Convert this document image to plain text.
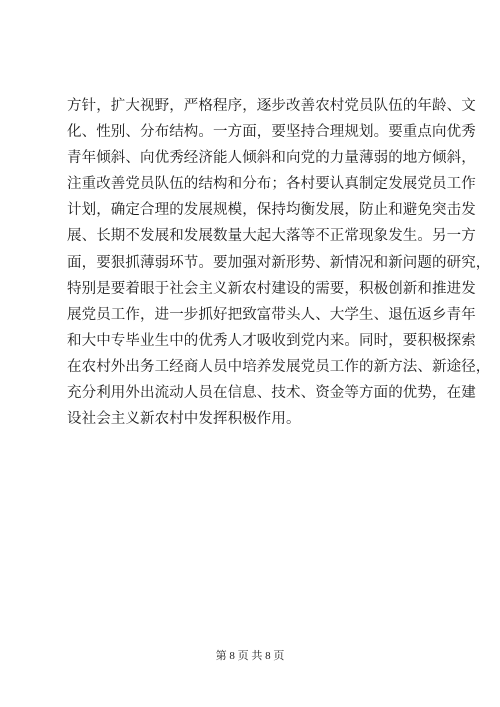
方针，扩大视野，严格程序，逐步改善农村党员队伍的年龄、文
化、性别、分布结构。一方面，要坚持合理规划。要重点向优秀
青年倾斜、向优秀经济能人倾斜和向党的力量薄弱的地方倾斜，
注重改善党员队伍的结构和分布；各村要认真制定发展党员工作
计划，确定合理的发展规模，保持均衡发展，防止和避免突击发
展、长期不发展和发展数量大起大落等不正常现象发生。另一方
面，要狠抓薄弱环节。要加强对新形势、新情况和新问题的研究，
特别是要着眼于社会主义新农村建设的需要，积极创新和推进发
展党员工作，进一步抓好把致富带头人、大学生、退伍返乡青年
和大中专毕业生中的优秀人才吸收到党内来。同时，要积极探索
在农村外出务工经商人员中培养发展党员工作的新方法、新途径，
充分利用外出流动人员在信息、技术、资金等方面的优势，在建
设社会主义新农村中发挥积极作用。
第 8 页 共 8 页
